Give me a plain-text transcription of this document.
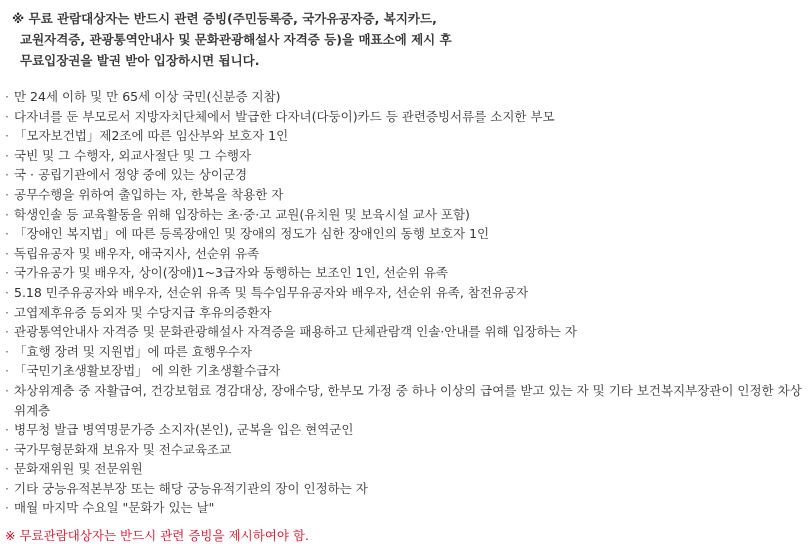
※ 무료 관람대상자는 반드시 관련 증빙(주민등록증, 국가유공자증, 복지카드,
교원자격증, 관광통역안내사 및 문화관광해설사 자격증 등)을 매표소에 제시 후
무료입장권을 발권 받아 입장하시면 됩니다.
· 만 24세 이하 및 만 65세 이상 국민(신분증 지참)
· 다자녀를 둔 부모로서 지방자치단체에서 발급한 다자녀(다둥이)카드 등 관련증빙서류를 소지한 부모
· 「모자보건법」제2조에 따른 임산부와 보호자 1인
· 국빈 및 그 수행자, 외교사절단 및 그 수행자
· 국 · 공립기관에서 정양 중에 있는 상이군경
· 공무수행을 위하여 출입하는 자, 한복을 착용한 자
· 학생인솔 등 교육활동을 위해 입장하는 초·중·고 교원(유치원 및 보육시설 교사 포함)
· 「장애인 복지법」에 따른 등록장애인 및 장애의 정도가 심한 장애인의 동행 보호자 1인
· 독립유공자 및 배우자, 애국지사, 선순위 유족
· 국가유공가 및 배우자, 상이(장애)1~3급자와 동행하는 보조인 1인, 선순위 유족
· 5.18 민주유공자와 배우자, 선순위 유족 및 특수임무유공자와 배우자, 선순위 유족, 참전유공자
· 고엽제후유증 등외자 및 수당지급 후유의증환자
· 관광통역안내사 자격증 및 문화관광해설사 자격증을 패용하고 단체관람객 인솔·안내를 위해 입장하는 자
· 「효행 장려 및 지원법」에 따른 효행우수자
· 「국민기초생활보장법」 에 의한 기초생활수급자
· 차상위계층 중 자활급여, 건강보험료 경감대상, 장애수당, 한부모 가정 중 하나 이상의 급여를 받고 있는 자 및 기타 보건복지부장관이 인정한 차상위계층
· 병무청 발급 병역명문가증 소지자(본인), 군복을 입은 현역군인
· 국가무형문화재 보유자 및 전수교육조교
· 문화재위원 및 전문위원
· 기타 궁능유적본부장 또는 해당 궁능유적기관의 장이 인정하는 자
· 매월 마지막 수요일 "문화가 있는 날"
※ 무료관람대상자는 반드시 관련 증빙을 제시하여야 함.
